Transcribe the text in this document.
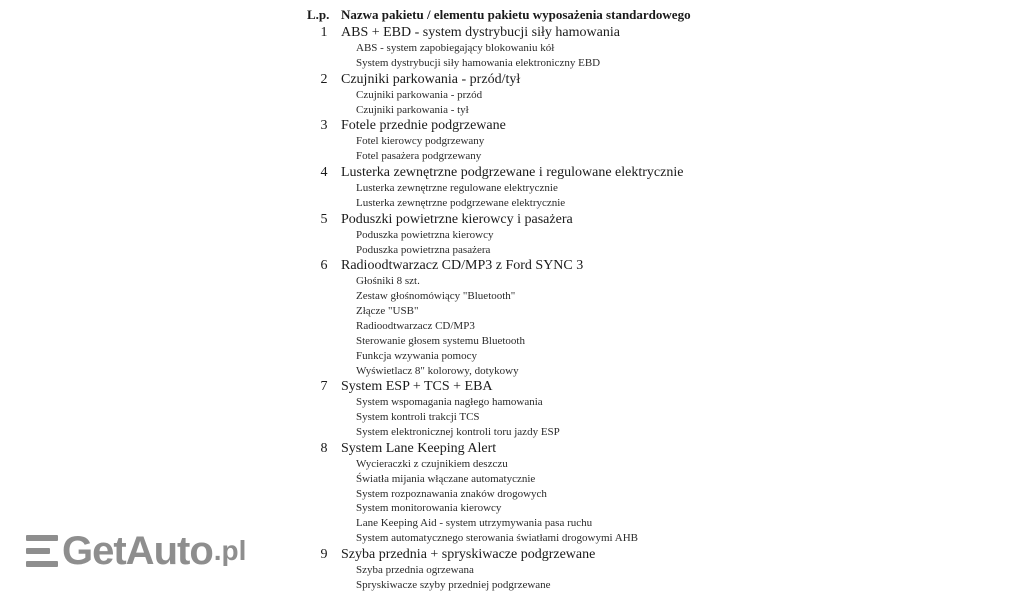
L.p. Nazwa pakietu / elementu pakietu wyposażenia standardowego
1 ABS + EBD - system dystrybucji siły hamowania
ABS - system zapobiegający blokowaniu kół
System dystrybucji siły hamowania elektroniczny EBD
2 Czujniki parkowania - przód/tył
Czujniki parkowania - przód
Czujniki parkowania - tył
3 Fotele przednie podgrzewane
Fotel kierowcy podgrzewany
Fotel pasażera podgrzewany
4 Lusterka zewnętrzne podgrzewane i regulowane elektrycznie
Lusterka zewnętrzne regulowane elektrycznie
Lusterka zewnętrzne podgrzewane elektrycznie
5 Poduszki powietrzne kierowcy i pasażera
Poduszka powietrzna kierowcy
Poduszka powietrzna pasażera
6 Radioodtwarzacz CD/MP3 z Ford SYNC 3
Głośniki 8 szt.
Zestaw głośnomówiący "Bluetooth"
Złącze "USB"
Radioodtwarzacz CD/MP3
Sterowanie głosem systemu Bluetooth
Funkcja wzywania pomocy
Wyświetlacz 8" kolorowy, dotykowy
7 System ESP + TCS + EBA
System wspomagania nagłego hamowania
System kontroli trakcji TCS
System elektronicznej kontroli toru jazdy ESP
8 System Lane Keeping Alert
Wycieraczki z czujnikiem deszczu
Światła mijania włączane automatycznie
System rozpoznawania znaków drogowych
System monitorowania kierowcy
Lane Keeping Aid - system utrzymywania pasa ruchu
System automatycznego sterowania światłami drogowymi AHB
9 Szyba przednia + spryskiwacze podgrzewane
Szyba przednia ogrzewana
Spryskiwacze szyby przedniej podgrzewane
GetAuto .pl
